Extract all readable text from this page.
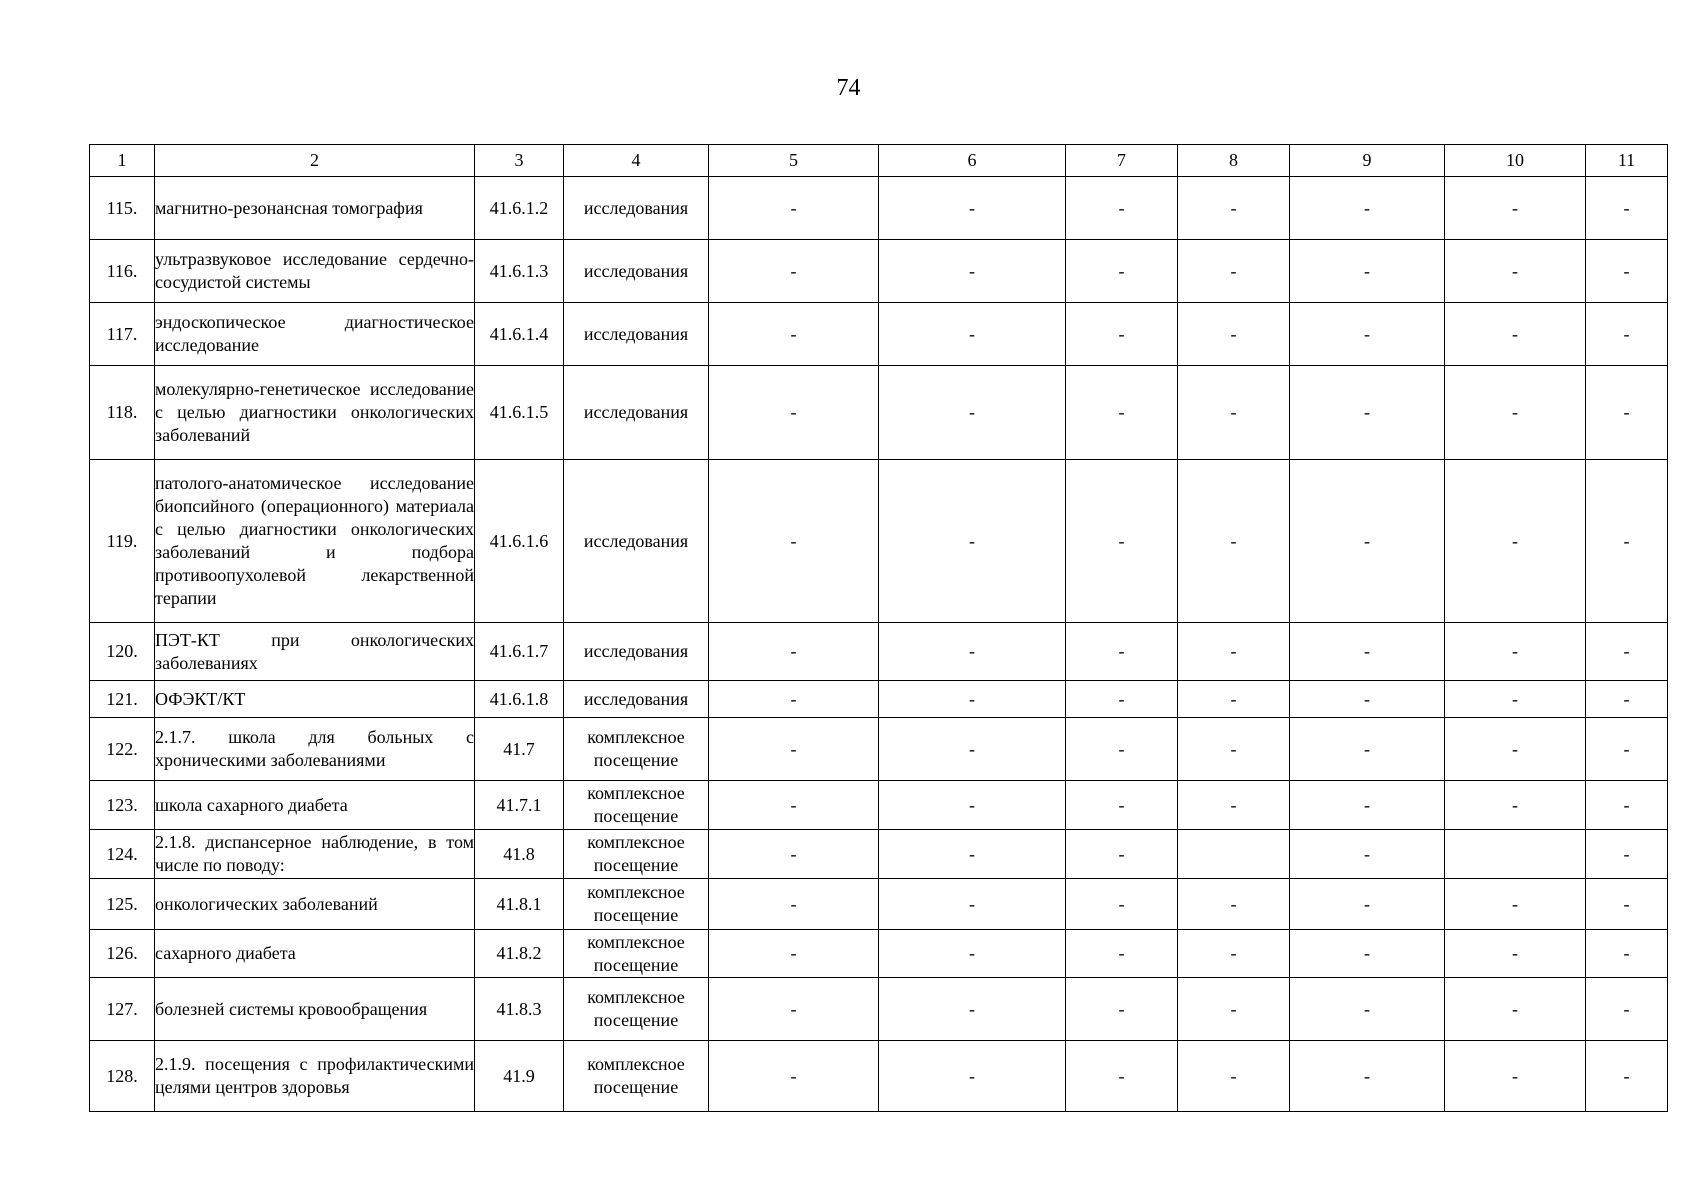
74
1	2	3	4	5	6	7	8	9	10	11
115.	магнитно-резонансная томография	41.6.1.2	исследования	-	-	-	-	-	-	-
116.	ультразвуковое исследование сердечно-сосудистой системы	41.6.1.3	исследования	-	-	-	-	-	-	-
117.	эндоскопическое диагностическое исследование	41.6.1.4	исследования	-	-	-	-	-	-	-
118.	молекулярно-генетическое исследование с целью диагностики онкологических заболеваний	41.6.1.5	исследования	-	-	-	-	-	-	-
119.	патолого-анатомическое исследование биопсийного (операционного) материала с целью диагностики онкологических заболеваний и подбора противоопухолевой лекарственной терапии	41.6.1.6	исследования	-	-	-	-	-	-	-
120.	ПЭТ-КТ при онкологических заболеваниях	41.6.1.7	исследования	-	-	-	-	-	-	-
121.	ОФЭКТ/КТ	41.6.1.8	исследования	-	-	-	-	-	-	-
122.	2.1.7. школа для больных с хроническими заболеваниями	41.7	комплексное посещение	-	-	-	-	-	-	-
123.	школа сахарного диабета	41.7.1	комплексное посещение	-	-	-	-	-	-	-
124.	2.1.8. диспансерное наблюдение, в том числе по поводу:	41.8	комплексное посещение	-	-	-		-		-
125.	онкологических заболеваний	41.8.1	комплексное посещение	-	-	-	-	-	-	-
126.	сахарного диабета	41.8.2	комплексное посещение	-	-	-	-	-	-	-
127.	болезней системы кровообращения	41.8.3	комплексное посещение	-	-	-	-	-	-	-
128.	2.1.9. посещения с профилактическими целями центров здоровья	41.9	комплексное посещение	-	-	-	-	-	-	-
